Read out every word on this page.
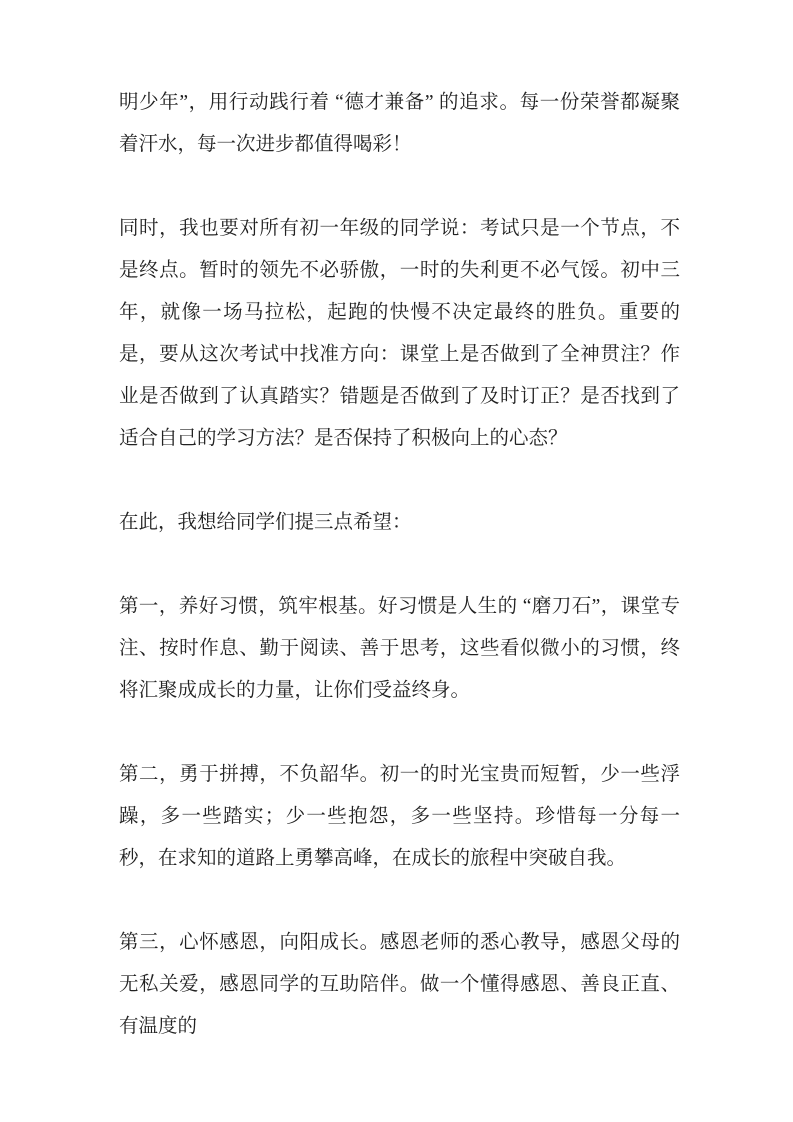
明少年”，用行动践行着 “德才兼备” 的追求。每一份荣誉都凝聚着汗水，每一次进步都值得喝彩！

同时，我也要对所有初一年级的同学说：考试只是一个节点，不是终点。暂时的领先不必骄傲，一时的失利更不必气馁。初中三年，就像一场马拉松，起跑的快慢不决定最终的胜负。重要的是，要从这次考试中找准方向：课堂上是否做到了全神贯注？作业是否做到了认真踏实？错题是否做到了及时订正？是否找到了适合自己的学习方法？是否保持了积极向上的心态？

在此，我想给同学们提三点希望：

第一，养好习惯，筑牢根基。好习惯是人生的 “磨刀石”，课堂专注、按时作息、勤于阅读、善于思考，这些看似微小的习惯，终将汇聚成成长的力量，让你们受益终身。

第二，勇于拼搏，不负韶华。初一的时光宝贵而短暂，少一些浮躁，多一些踏实；少一些抱怨，多一些坚持。珍惜每一分每一秒，在求知的道路上勇攀高峰，在成长的旅程中突破自我。

第三，心怀感恩，向阳成长。感恩老师的悉心教导，感恩父母的无私关爱，感恩同学的互助陪伴。做一个懂得感恩、善良正直、有温度的
